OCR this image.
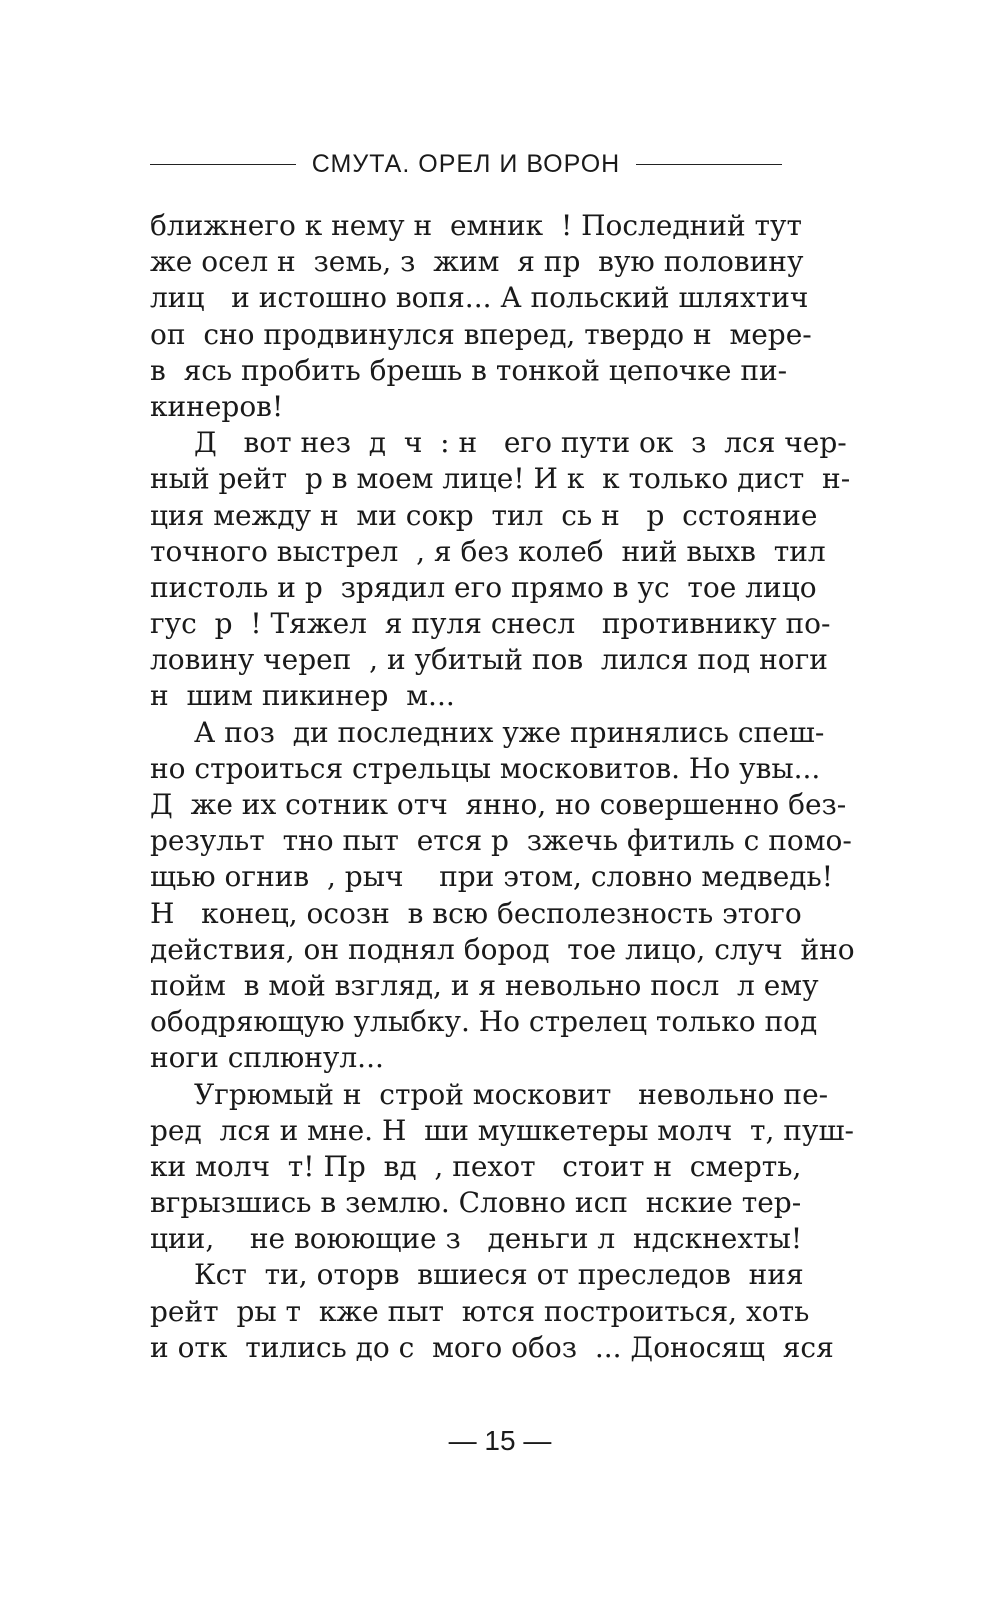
СМУТА. ОРЕЛ И ВОРОН
ближнего к нему н  емник  ! Последний тут
же осел н  земь, з  жим  я пр  вую половину
лиц   и истошно вопя... А польский шляхтич
оп  сно продвинулся вперед, твердо н  мере-
в  ясь пробить брешь в тонкой цепочке пи-
кинеров!
Д   вот нез  д  ч  : н   его пути ок  з  лся чер-
ный рейт  р в моем лице! И к  к только дист  н-
ция между н  ми сокр  тил  сь н   р  сстояние
точного выстрел  , я без колеб  ний выхв  тил
пистоль и р  зрядил его прямо в ус  тое лицо
гус  р  ! Тяжел  я пуля снесл   противнику по-
ловину череп  , и убитый пов  лился под ноги
н  шим пикинер  м...
А поз  ди последних уже принялись спеш-
но строиться стрельцы московитов. Но увы...
Д  же их сотник отч  янно, но совершенно без-
результ  тно пыт  ется р  зжечь фитиль с помо-
щью огнив  , рыч    при этом, словно медведь!
Н   конец, осозн  в всю бесполезность этого
действия, он поднял бород  тое лицо, случ  йно
пойм  в мой взгляд, и я невольно посл  л ему
ободряющую улыбку. Но стрелец только под
ноги сплюнул...
Угрюмый н  строй московит   невольно пе-
ред  лся и мне. Н  ши мушкетеры молч  т, пуш-
ки молч  т! Пр  вд  , пехот   стоит н  смерть,
вгрызшись в землю. Словно исп  нские тер-
ции,    не воюющие з   деньги л  ндскнехты!
Кст  ти, оторв  вшиеся от преследов  ния
рейт  ры т  кже пыт  ются построиться, хоть
и отк  тились до с  мого обоз  ... Доносящ  яся
— 15 —
